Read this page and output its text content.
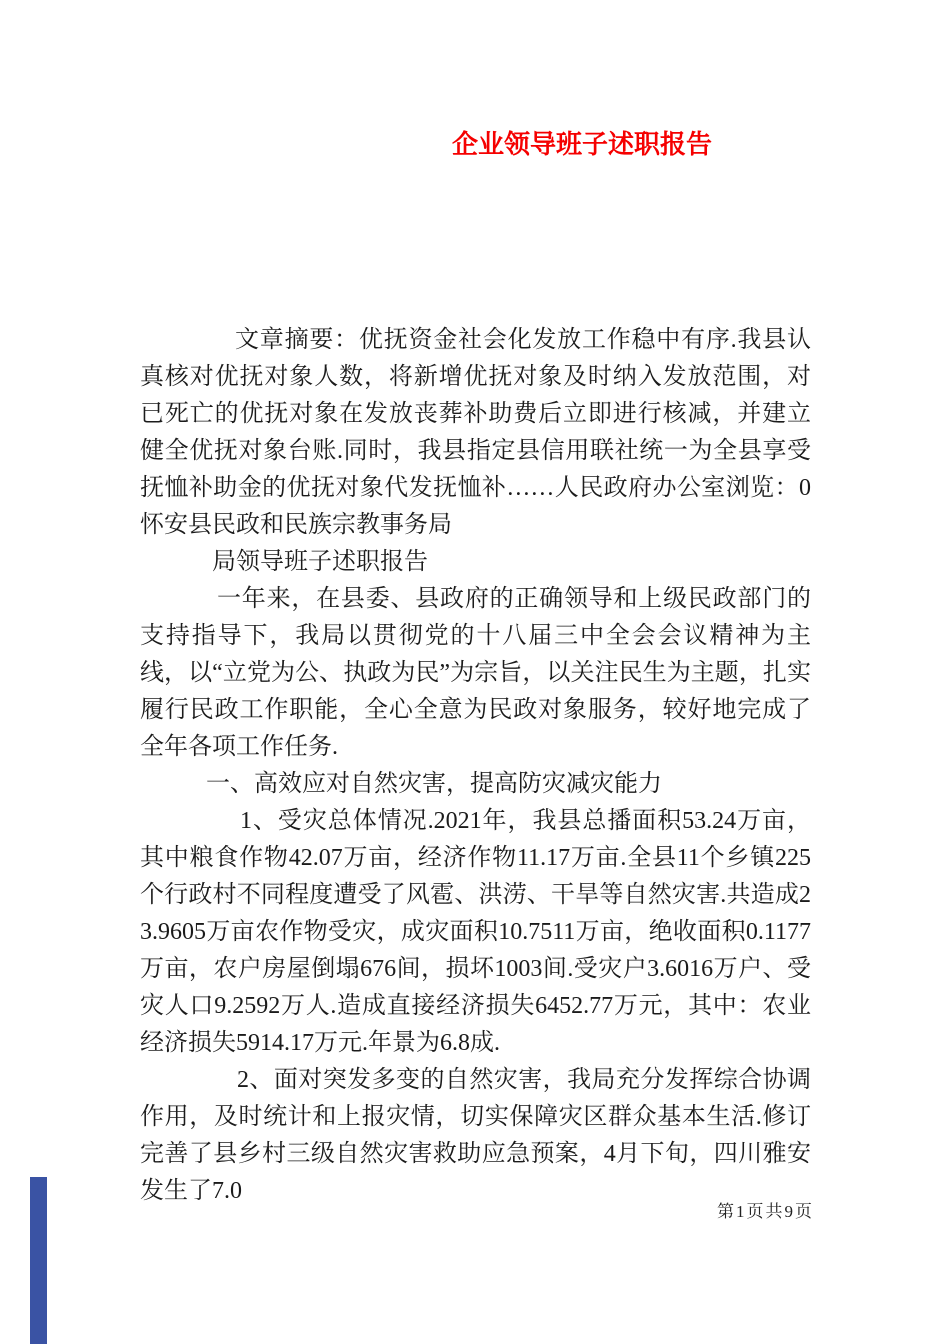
企业领导班子述职报告

文章摘要：优抚资金社会化发放工作稳中有序.我县认真核对优抚对象人数，将新增优抚对象及时纳入发放范围，对已死亡的优抚对象在发放丧葬补助费后立即进行核减，并建立健全优抚对象台账.同时，我县指定县信用联社统一为全县享受抚恤补助金的优抚对象代发抚恤补……人民政府办公室浏览：0怀安县民政和民族宗教事务局

局领导班子述职报告

一年来，在县委、县政府的正确领导和上级民政部门的支持指导下，我局以贯彻党的十八届三中全会会议精神为主线，以“立党为公、执政为民”为宗旨，以关注民生为主题，扎实履行民政工作职能，全心全意为民政对象服务，较好地完成了全年各项工作任务.

一、高效应对自然灾害，提高防灾减灾能力

1、受灾总体情况.2021年，我县总播面积53.24万亩，其中粮食作物42.07万亩，经济作物11.17万亩.全县11个乡镇225个行政村不同程度遭受了风雹、洪涝、干旱等自然灾害.共造成23.9605万亩农作物受灾，成灾面积10.7511万亩，绝收面积0.1177万亩，农户房屋倒塌676间，损坏1003间.受灾户3.6016万户、受灾人口9.2592万人.造成直接经济损失6452.77万元，其中：农业经济损失5914.17万元.年景为6.8成.

2、面对突发多变的自然灾害，我局充分发挥综合协调作用，及时统计和上报灾情，切实保障灾区群众基本生活.修订完善了县乡村三级自然灾害救助应急预案，4月下旬，四川雅安发生了7.0

第1页共9页
